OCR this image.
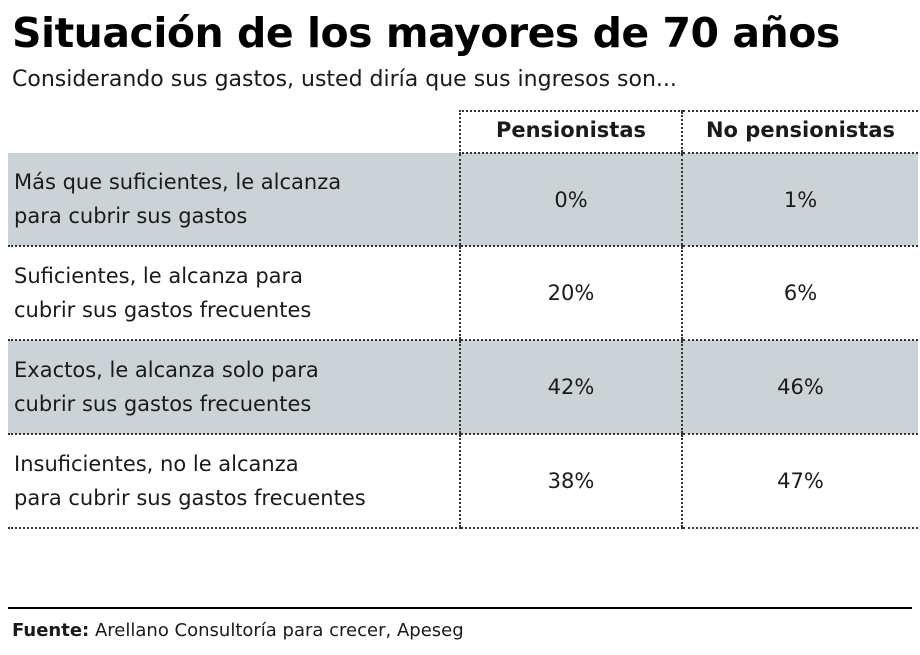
Situación de los mayores de 70 años
Considerando sus gastos, usted diría que sus ingresos son...
	Pensionistas	No pensionistas

Más que suficientes, le alcanza
para cubrir sus gastos	0%	1%

Suficientes, le alcanza para
cubrir sus gastos frecuentes	20%	6%

Exactos, le alcanza solo para
cubrir sus gastos frecuentes	42%	46%

Insuficientes, no le alcanza
para cubrir sus gastos frecuentes	38%	47%
Fuente: Arellano Consultoría para crecer, Apeseg
